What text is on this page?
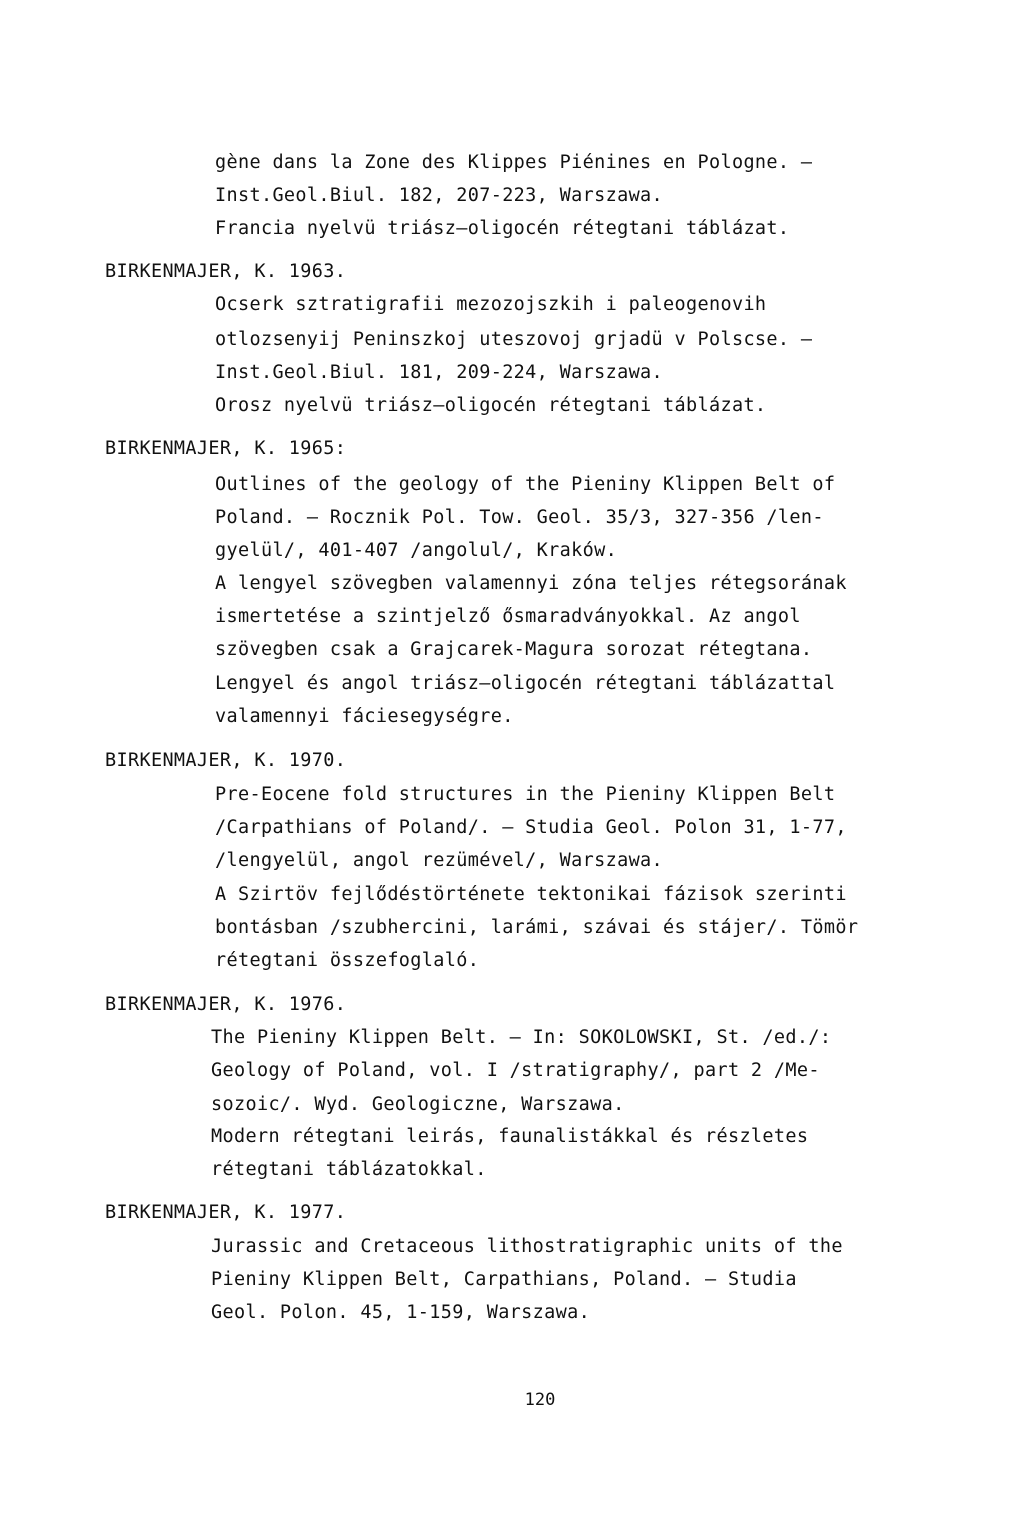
gène dans la Zone des Klippes Piénines en Pologne. —
Inst.Geol.Biul. 182, 207-223, Warszawa.
Francia nyelvü triász—oligocén rétegtani táblázat.
BIRKENMAJER, K. 1963.
Ocserk sztratigrafii mezozojszkih i paleogenovih
otlozsenyij Peninszkoj uteszovoj grjadü v Polscse. —
Inst.Geol.Biul. 181, 209-224, Warszawa.
Orosz nyelvü triász—oligocén rétegtani táblázat.
BIRKENMAJER, K. 1965:
Outlines of the geology of the Pieniny Klippen Belt of
Poland. — Rocznik Pol. Tow. Geol. 35/3, 327-356 /len-
gyelül/, 401-407 /angolul/, Kraków.
A lengyel szövegben valamennyi zóna teljes rétegsorának
ismertetése a szintjelző ősmaradványokkal. Az angol
szövegben csak a Grajcarek-Magura sorozat rétegtana.
Lengyel és angol triász—oligocén rétegtani táblázattal
valamennyi fáciesegységre.
BIRKENMAJER, K. 1970.
Pre-Eocene fold structures in the Pieniny Klippen Belt
/Carpathians of Poland/. — Studia Geol. Polon 31, 1-77,
/lengyelül, angol rezümével/, Warszawa.
A Szirtöv fejlődéstörténete tektonikai fázisok szerinti
bontásban /szubhercini, larámi, szávai és stájer/. Tömör
rétegtani összefoglaló.
BIRKENMAJER, K. 1976.
The Pieniny Klippen Belt. — In: SOKOLOWSKI, St. /ed./:
Geology of Poland, vol. I /stratigraphy/, part 2 /Me-
sozoic/. Wyd. Geologiczne, Warszawa.
Modern rétegtani leirás, faunalistákkal és részletes
rétegtani táblázatokkal.
BIRKENMAJER, K. 1977.
Jurassic and Cretaceous lithostratigraphic units of the
Pieniny Klippen Belt, Carpathians, Poland. — Studia
Geol. Polon. 45, 1-159, Warszawa.
120
